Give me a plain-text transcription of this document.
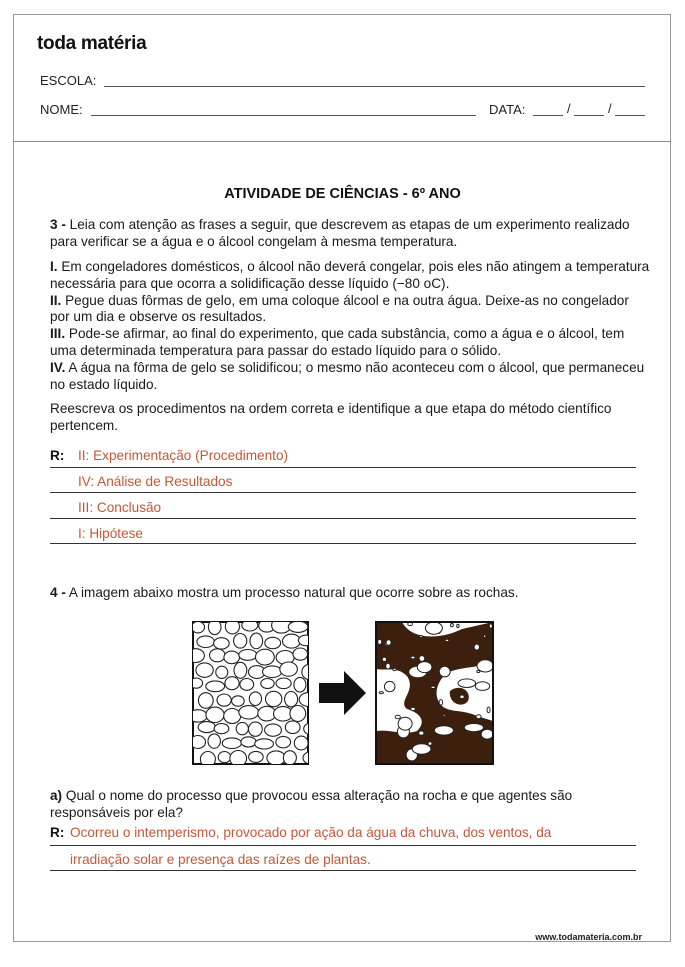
toda matéria
ESCOLA:
NOME:	DATA:	/	/
ATIVIDADE DE CIÊNCIAS - 6º ANO
3 - Leia com atenção as frases a seguir, que descrevem as etapas de um experimento realizado para verificar se a água e o álcool congelam à mesma temperatura.
I. Em congeladores domésticos, o álcool não deverá congelar, pois eles não atingem a temperatura necessária para que ocorra a solidificação desse líquido (−80 oC).
II. Pegue duas fôrmas de gelo, em uma coloque álcool e na outra água. Deixe-as no congelador por um dia e observe os resultados.
III. Pode-se afirmar, ao final do experimento, que cada substância, como a água e o álcool, tem uma determinada temperatura para passar do estado líquido para o sólido.
IV. A água na fôrma de gelo se solidificou; o mesmo não aconteceu com o álcool, que permaneceu no estado líquido.
Reescreva os procedimentos na ordem correta e identifique a que etapa do método científico pertencem.
R: II: Experimentação (Procedimento)
IV: Análise de Resultados
III: Conclusão
I: Hipótese
4 - A imagem abaixo mostra um processo natural que ocorre sobre as rochas.
a) Qual o nome do processo que provocou essa alteração na rocha e que agentes são responsáveis por ela?
R: Ocorreu o intemperismo, provocado por ação da água da chuva, dos ventos, da
irradiação solar e presença das raízes de plantas.
www.todamateria.com.br
